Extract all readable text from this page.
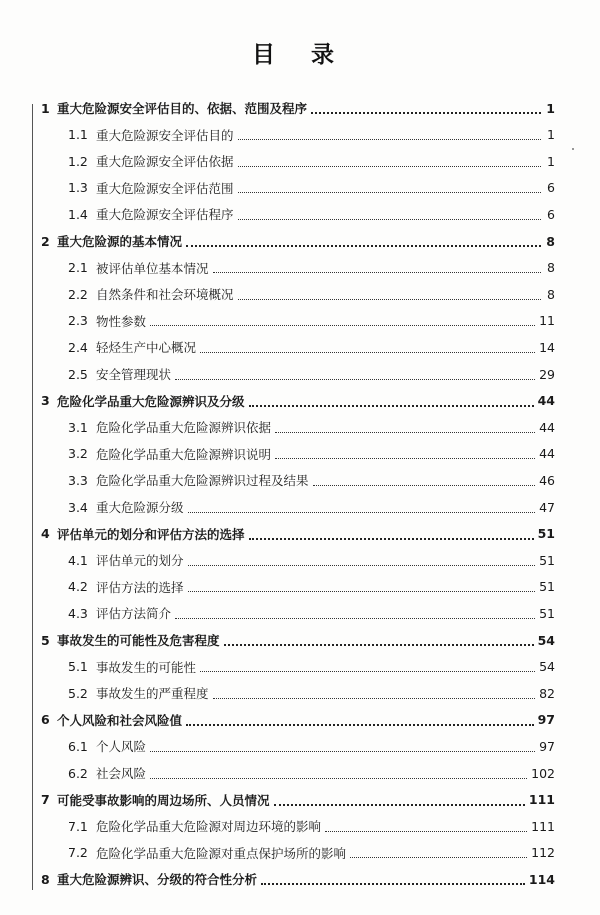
目 录
1 重大危险源安全评估目的、依据、范围及程序	1
1.1 重大危险源安全评估目的	1
1.2 重大危险源安全评估依据	1
1.3 重大危险源安全评估范围	6
1.4 重大危险源安全评估程序	6
2 重大危险源的基本情况	8
2.1 被评估单位基本情况	8
2.2 自然条件和社会环境概况	8
2.3 物性参数	11
2.4 轻烃生产中心概况	14
2.5 安全管理现状	29
3 危险化学品重大危险源辨识及分级	44
3.1 危险化学品重大危险源辨识依据	44
3.2 危险化学品重大危险源辨识说明	44
3.3 危险化学品重大危险源辨识过程及结果	46
3.4 重大危险源分级	47
4 评估单元的划分和评估方法的选择	51
4.1 评估单元的划分	51
4.2 评估方法的选择	51
4.3 评估方法简介	51
5 事故发生的可能性及危害程度	54
5.1 事故发生的可能性	54
5.2 事故发生的严重程度	82
6 个人风险和社会风险值	97
6.1 个人风险	97
6.2 社会风险	102
7 可能受事故影响的周边场所、人员情况	111
7.1 危险化学品重大危险源对周边环境的影响	111
7.2 危险化学品重大危险源对重点保护场所的影响	112
8 重大危险源辨识、分级的符合性分析	114
